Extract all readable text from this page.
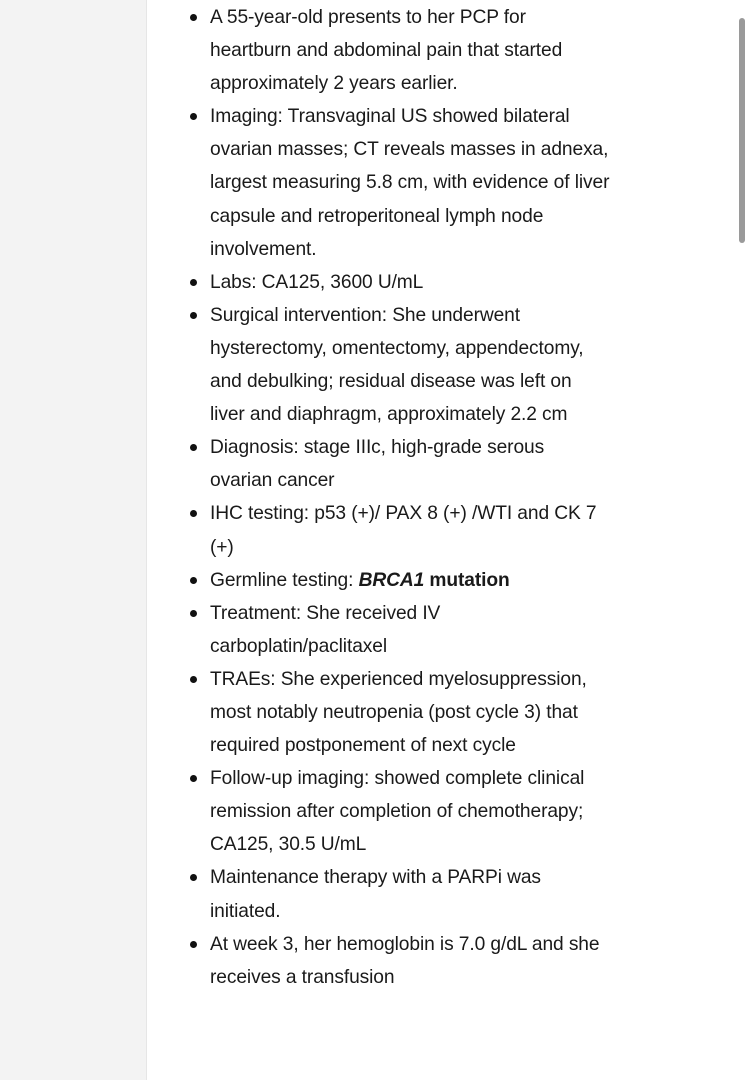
A 55-year-old presents to her PCP for heartburn and abdominal pain that started approximately 2 years earlier.
Imaging: Transvaginal US showed bilateral ovarian masses; CT reveals masses in adnexa, largest measuring 5.8 cm, with evidence of liver capsule and retroperitoneal lymph node involvement.
Labs: CA125, 3600 U/mL
Surgical intervention: She underwent hysterectomy, omentectomy, appendectomy, and debulking; residual disease was left on liver and diaphragm, approximately 2.2 cm
Diagnosis: stage IIIc, high-grade serous ovarian cancer
IHC testing: p53 (+)/ PAX 8 (+) /WTI and CK 7 (+)
Germline testing: BRCA1 mutation
Treatment: She received IV carboplatin/paclitaxel
TRAEs: She experienced myelosuppression, most notably neutropenia (post cycle 3) that required postponement of next cycle
Follow-up imaging: showed complete clinical remission after completion of chemotherapy; CA125, 30.5 U/mL
Maintenance therapy with a PARPi was initiated.
At week 3, her hemoglobin is 7.0 g/dL and she receives a transfusion
